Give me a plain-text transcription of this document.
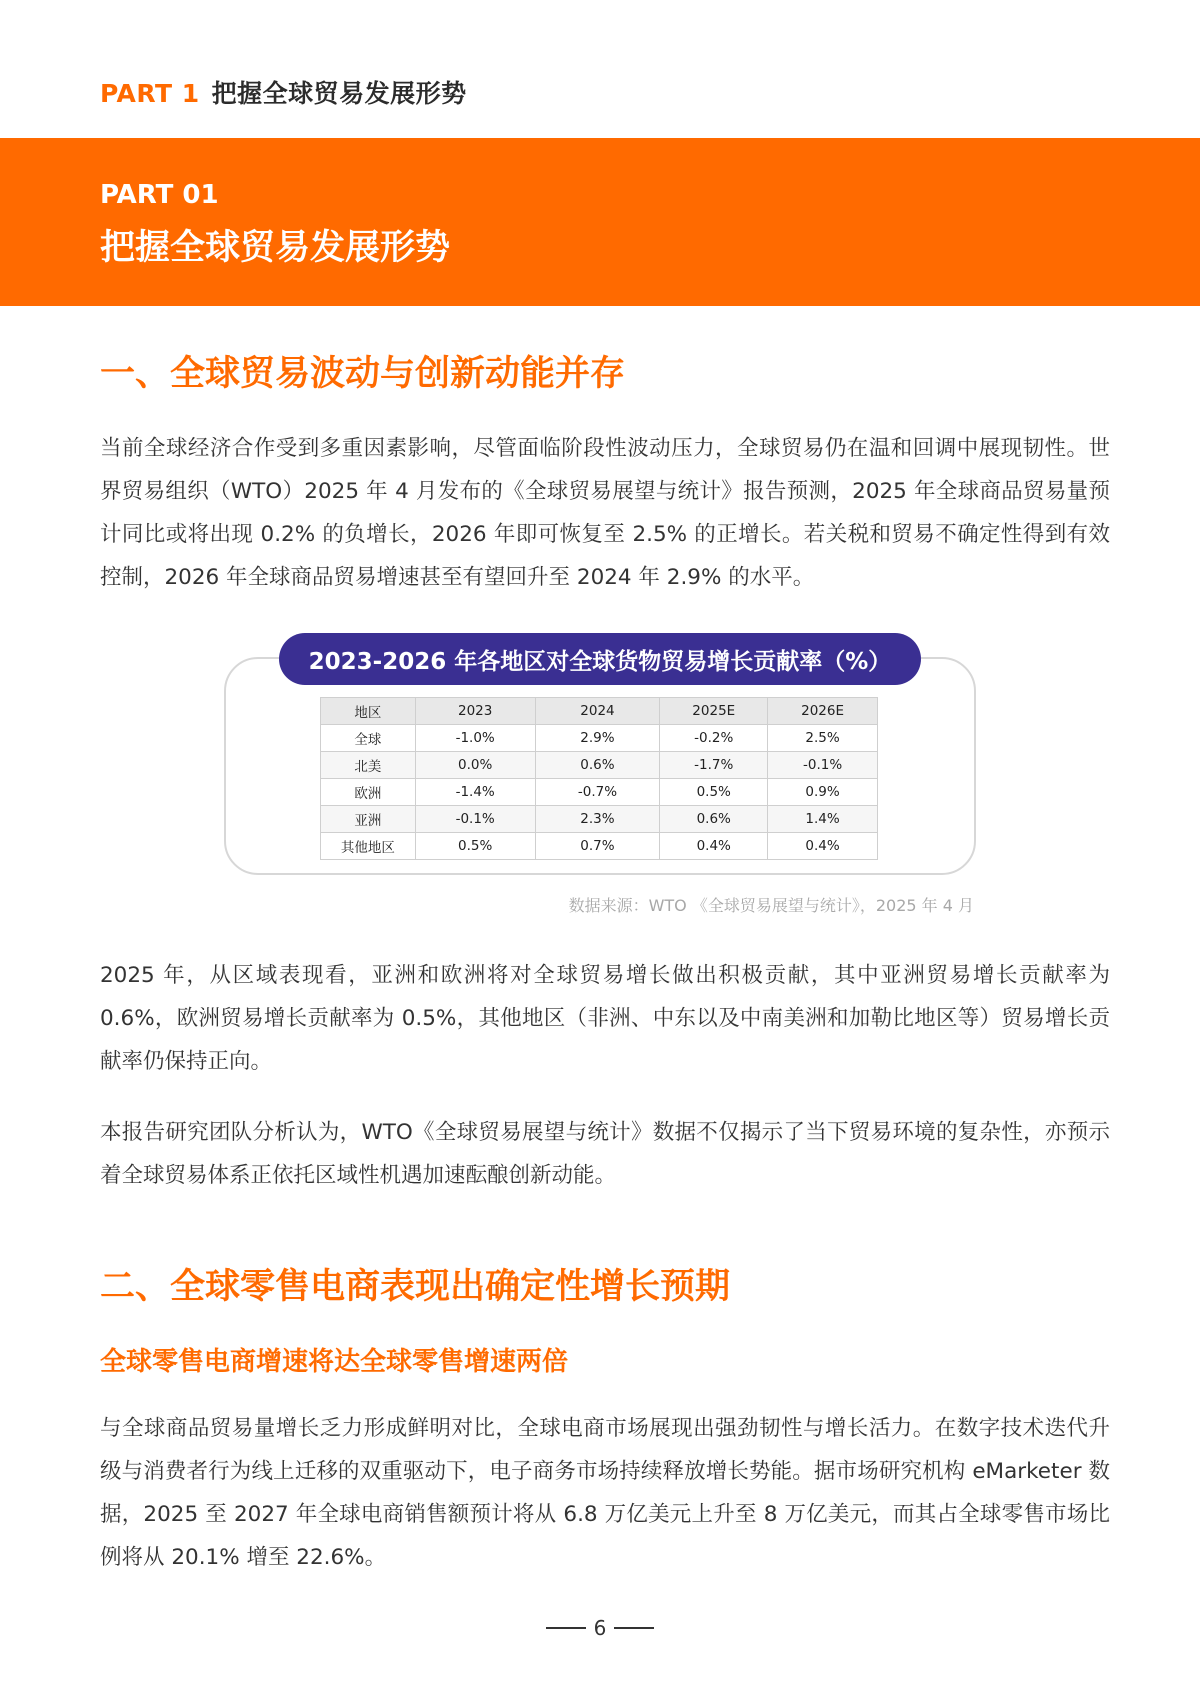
PART 1 把握全球贸易发展形势
PART 01
把握全球贸易发展形势
一、全球贸易波动与创新动能并存

当前全球经济合作受到多重因素影响，尽管面临阶段性波动压力，全球贸易仍在温和回调中展现韧性。世界贸易组织（WTO）2025 年 4 月发布的《全球贸易展望与统计》报告预测，2025 年全球商品贸易量预计同比或将出现 0.2% 的负增长，2026 年即可恢复至 2.5% 的正增长。若关税和贸易不确定性得到有效控制，2026 年全球商品贸易增速甚至有望回升至 2024 年 2.9% 的水平。

2023-2026 年各地区对全球货物贸易增长贡献率（%）
地区	2023	2024	2025E	2026E
全球	-1.0%	2.9%	-0.2%	2.5%
北美	0.0%	0.6%	-1.7%	-0.1%
欧洲	-1.4%	-0.7%	0.5%	0.9%
亚洲	-0.1%	2.3%	0.6%	1.4%
其他地区	0.5%	0.7%	0.4%	0.4%
数据来源：WTO 《全球贸易展望与统计》，2025 年 4 月

2025 年，从区域表现看，亚洲和欧洲将对全球贸易增长做出积极贡献，其中亚洲贸易增长贡献率为 0.6%，欧洲贸易增长贡献率为 0.5%，其他地区（非洲、中东以及中南美洲和加勒比地区等）贸易增长贡献率仍保持正向。

本报告研究团队分析认为，WTO《全球贸易展望与统计》数据不仅揭示了当下贸易环境的复杂性，亦预示着全球贸易体系正依托区域性机遇加速酝酿创新动能。

二、全球零售电商表现出确定性增长预期
全球零售电商增速将达全球零售增速两倍

与全球商品贸易量增长乏力形成鲜明对比，全球电商市场展现出强劲韧性与增长活力。在数字技术迭代升级与消费者行为线上迁移的双重驱动下，电子商务市场持续释放增长势能。据市场研究机构 eMarketer 数据，2025 至 2027 年全球电商销售额预计将从 6.8 万亿美元上升至 8 万亿美元，而其占全球零售市场比例将从 20.1% 增至 22.6%。

6
